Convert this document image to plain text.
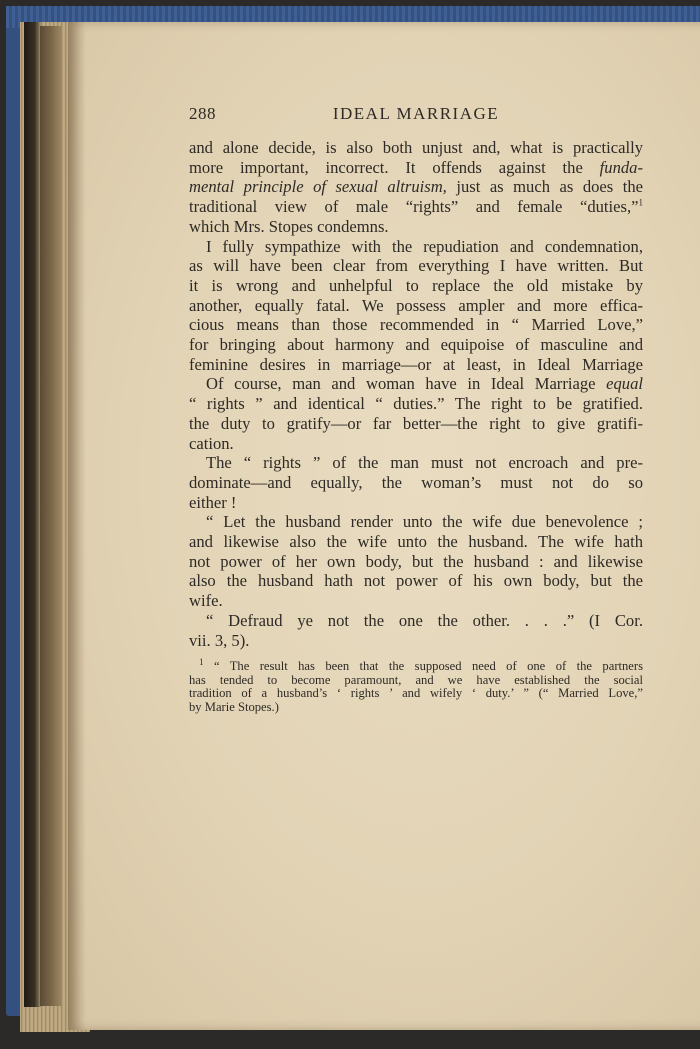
288	IDEAL MARRIAGE

and alone decide, is also both unjust and, what is practically
more important, incorrect. It offends against the funda-
mental principle of sexual altruism, just as much as does the
traditional view of male “rights” and female “duties,”$^1$
which Mrs. Stopes condemns.

I fully sympathize with the repudiation and condemnation,
as will have been clear from everything I have written. But
it is wrong and unhelpful to replace the old mistake by
another, equally fatal. We possess ampler and more effica-
cious means than those recommended in “ Married Love,”
for bringing about harmony and equipoise of masculine and
feminine desires in marriage—or at least, in Ideal Marriage

Of course, man and woman have in Ideal Marriage equal
“ rights ” and identical “ duties.” The right to be gratified.
the duty to gratify—or far better—the right to give gratifi-
cation.

The “ rights ” of the man must not encroach and pre-
dominate—and equally, the woman’s must not do so
either !

“ Let the husband render unto the wife due benevolence ;
and likewise also the wife unto the husband. The wife hath
not power of her own body, but the husband : and likewise
also the husband hath not power of his own body, but the
wife.

“ Defraud ye not the one the other. . . .” (I Cor.
vii. 3, 5).

$^1$ “ The result has been that the supposed need of one of the partners
has tended to become paramount, and we have established the social
tradition of a husband’s ‘ rights ’ and wifely ‘ duty.’ ” (“ Married Love,”
by Marie Stopes.)
